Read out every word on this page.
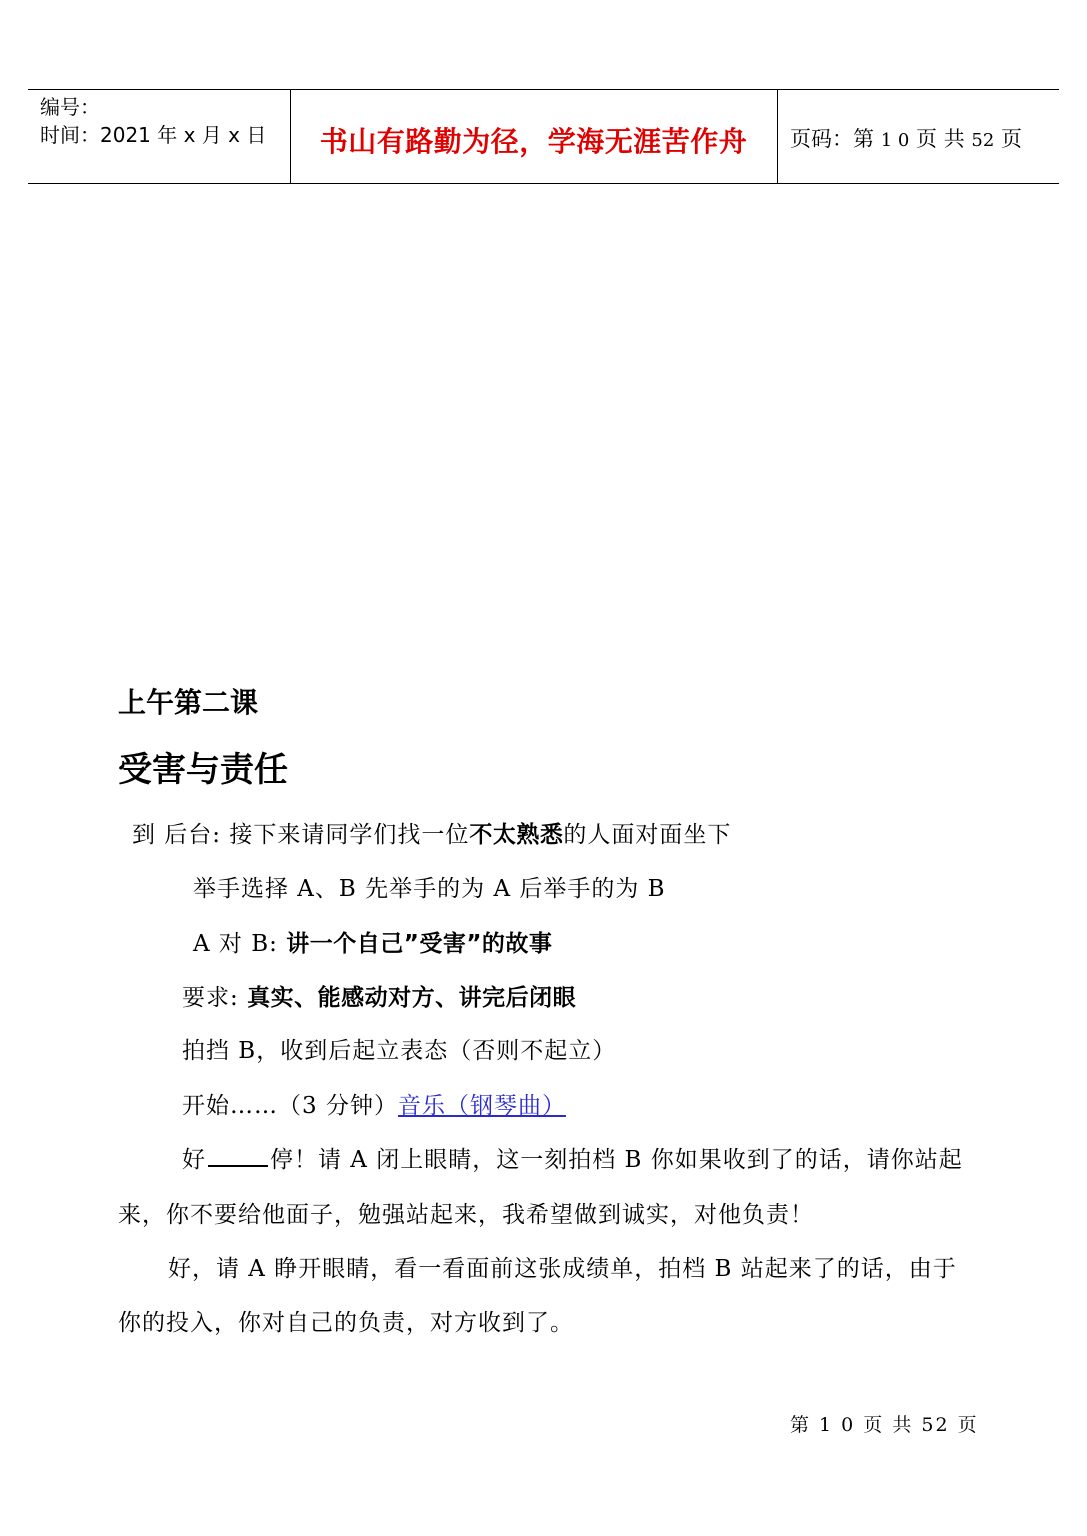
编号：
时间：2021 年 x 月 x 日	书山有路勤为径，学海无涯苦作舟	页码：第 1 0 页 共 52 页
上午第二课
受害与责任
到 后台: 接下来请同学们找一位不太熟悉的人面对面坐下
举手选择 A、B 先举手的为 A 后举手的为 B
A 对 B: 讲一个自己”受害”的故事
要求: 真实、能感动对方、讲完后闭眼
拍挡 B，收到后起立表态（否则不起立）
开始……（3 分钟）音乐（钢琴曲）
好	停！请 A 闭上眼睛，这一刻拍档 B 你如果收到了的话，请你站起
来，你不要给他面子，勉强站起来，我希望做到诚实，对他负责！
好，请 A 睁开眼睛，看一看面前这张成绩单，拍档 B 站起来了的话，由于
你的投入，你对自己的负责，对方收到了。
第 1 0 页 共 52 页
